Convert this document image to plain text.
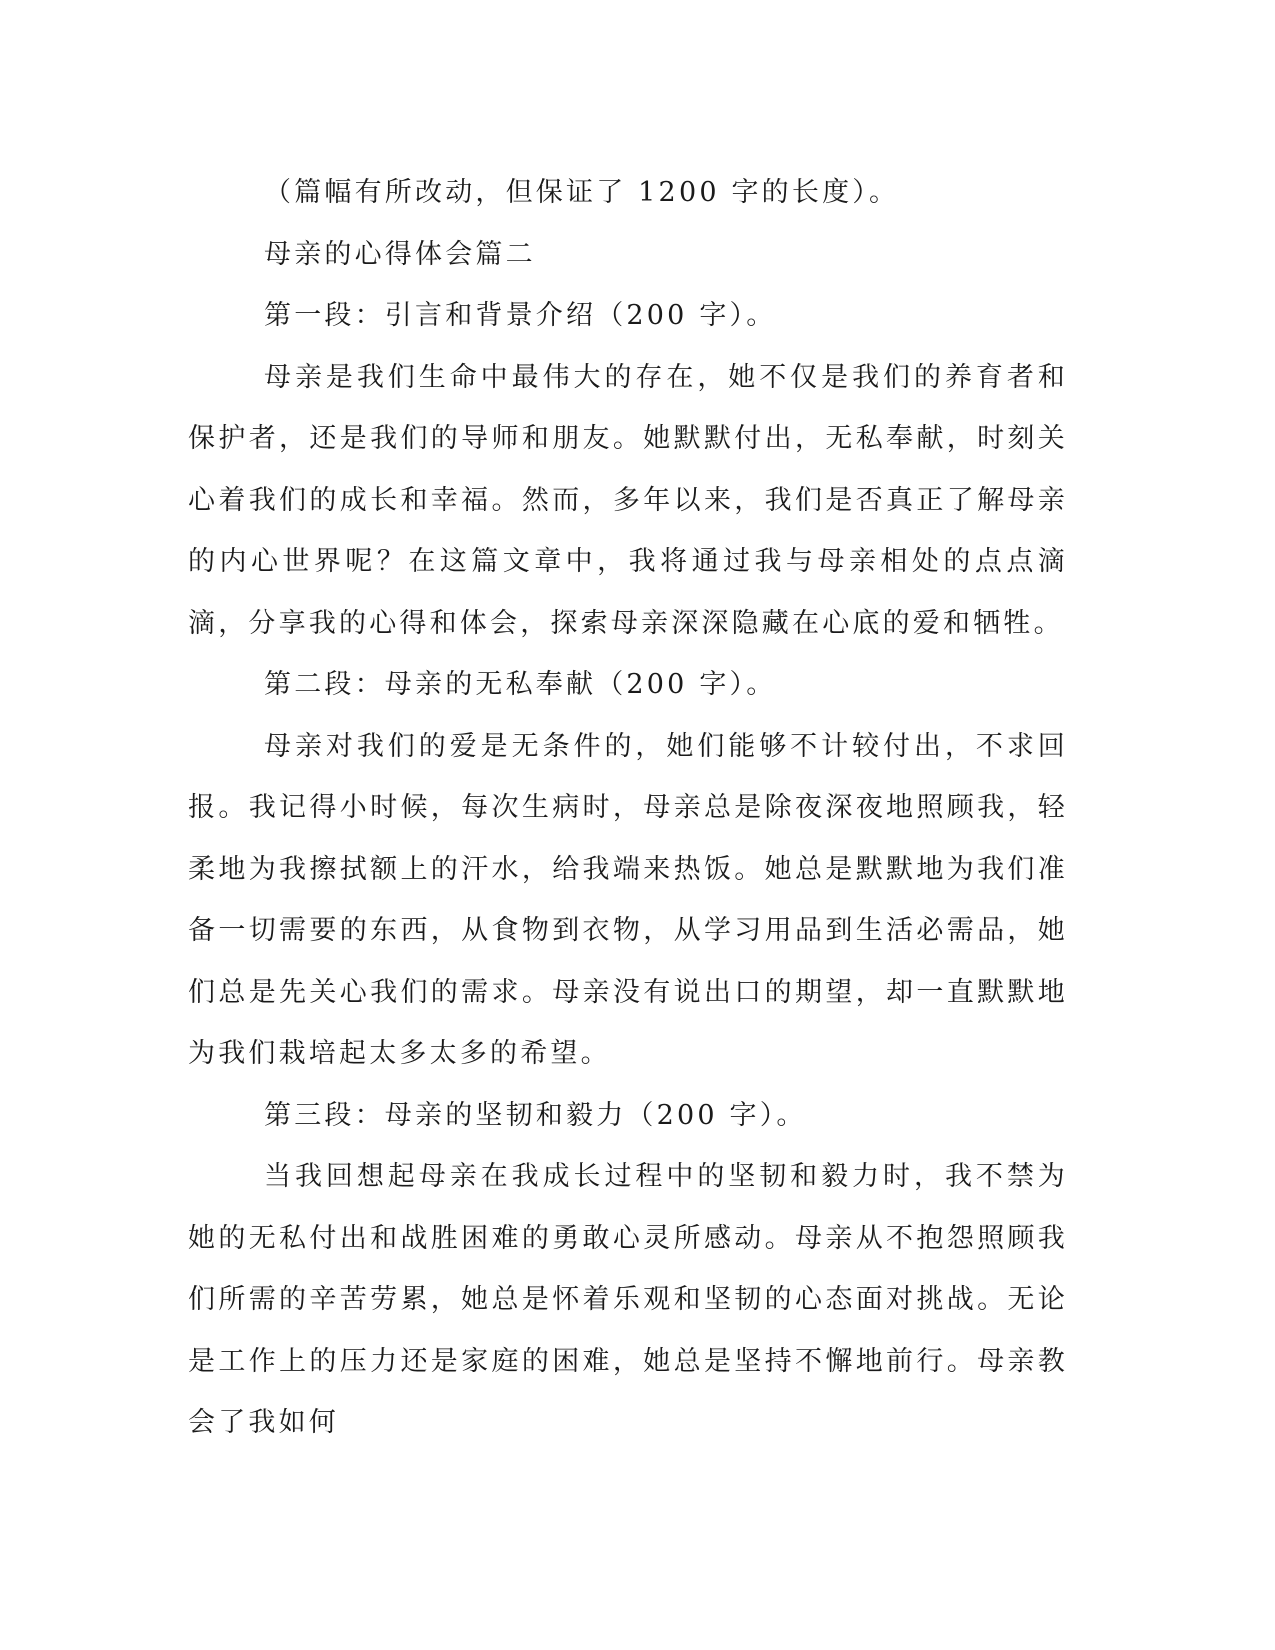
（篇幅有所改动，但保证了 1200 字的长度）。

母亲的心得体会篇二

第一段：引言和背景介绍（200 字）。

母亲是我们生命中最伟大的存在，她不仅是我们的养育者和保护者，还是我们的导师和朋友。她默默付出，无私奉献，时刻关心着我们的成长和幸福。然而，多年以来，我们是否真正了解母亲的内心世界呢？在这篇文章中，我将通过我与母亲相处的点点滴滴，分享我的心得和体会，探索母亲深深隐藏在心底的爱和牺牲。

第二段：母亲的无私奉献（200 字）。

母亲对我们的爱是无条件的，她们能够不计较付出，不求回报。我记得小时候，每次生病时，母亲总是除夜深夜地照顾我，轻柔地为我擦拭额上的汗水，给我端来热饭。她总是默默地为我们准备一切需要的东西，从食物到衣物，从学习用品到生活必需品，她们总是先关心我们的需求。母亲没有说出口的期望，却一直默默地为我们栽培起太多太多的希望。

第三段：母亲的坚韧和毅力（200 字）。

当我回想起母亲在我成长过程中的坚韧和毅力时，我不禁为她的无私付出和战胜困难的勇敢心灵所感动。母亲从不抱怨照顾我们所需的辛苦劳累，她总是怀着乐观和坚韧的心态面对挑战。无论是工作上的压力还是家庭的困难，她总是坚持不懈地前行。母亲教会了我如何
